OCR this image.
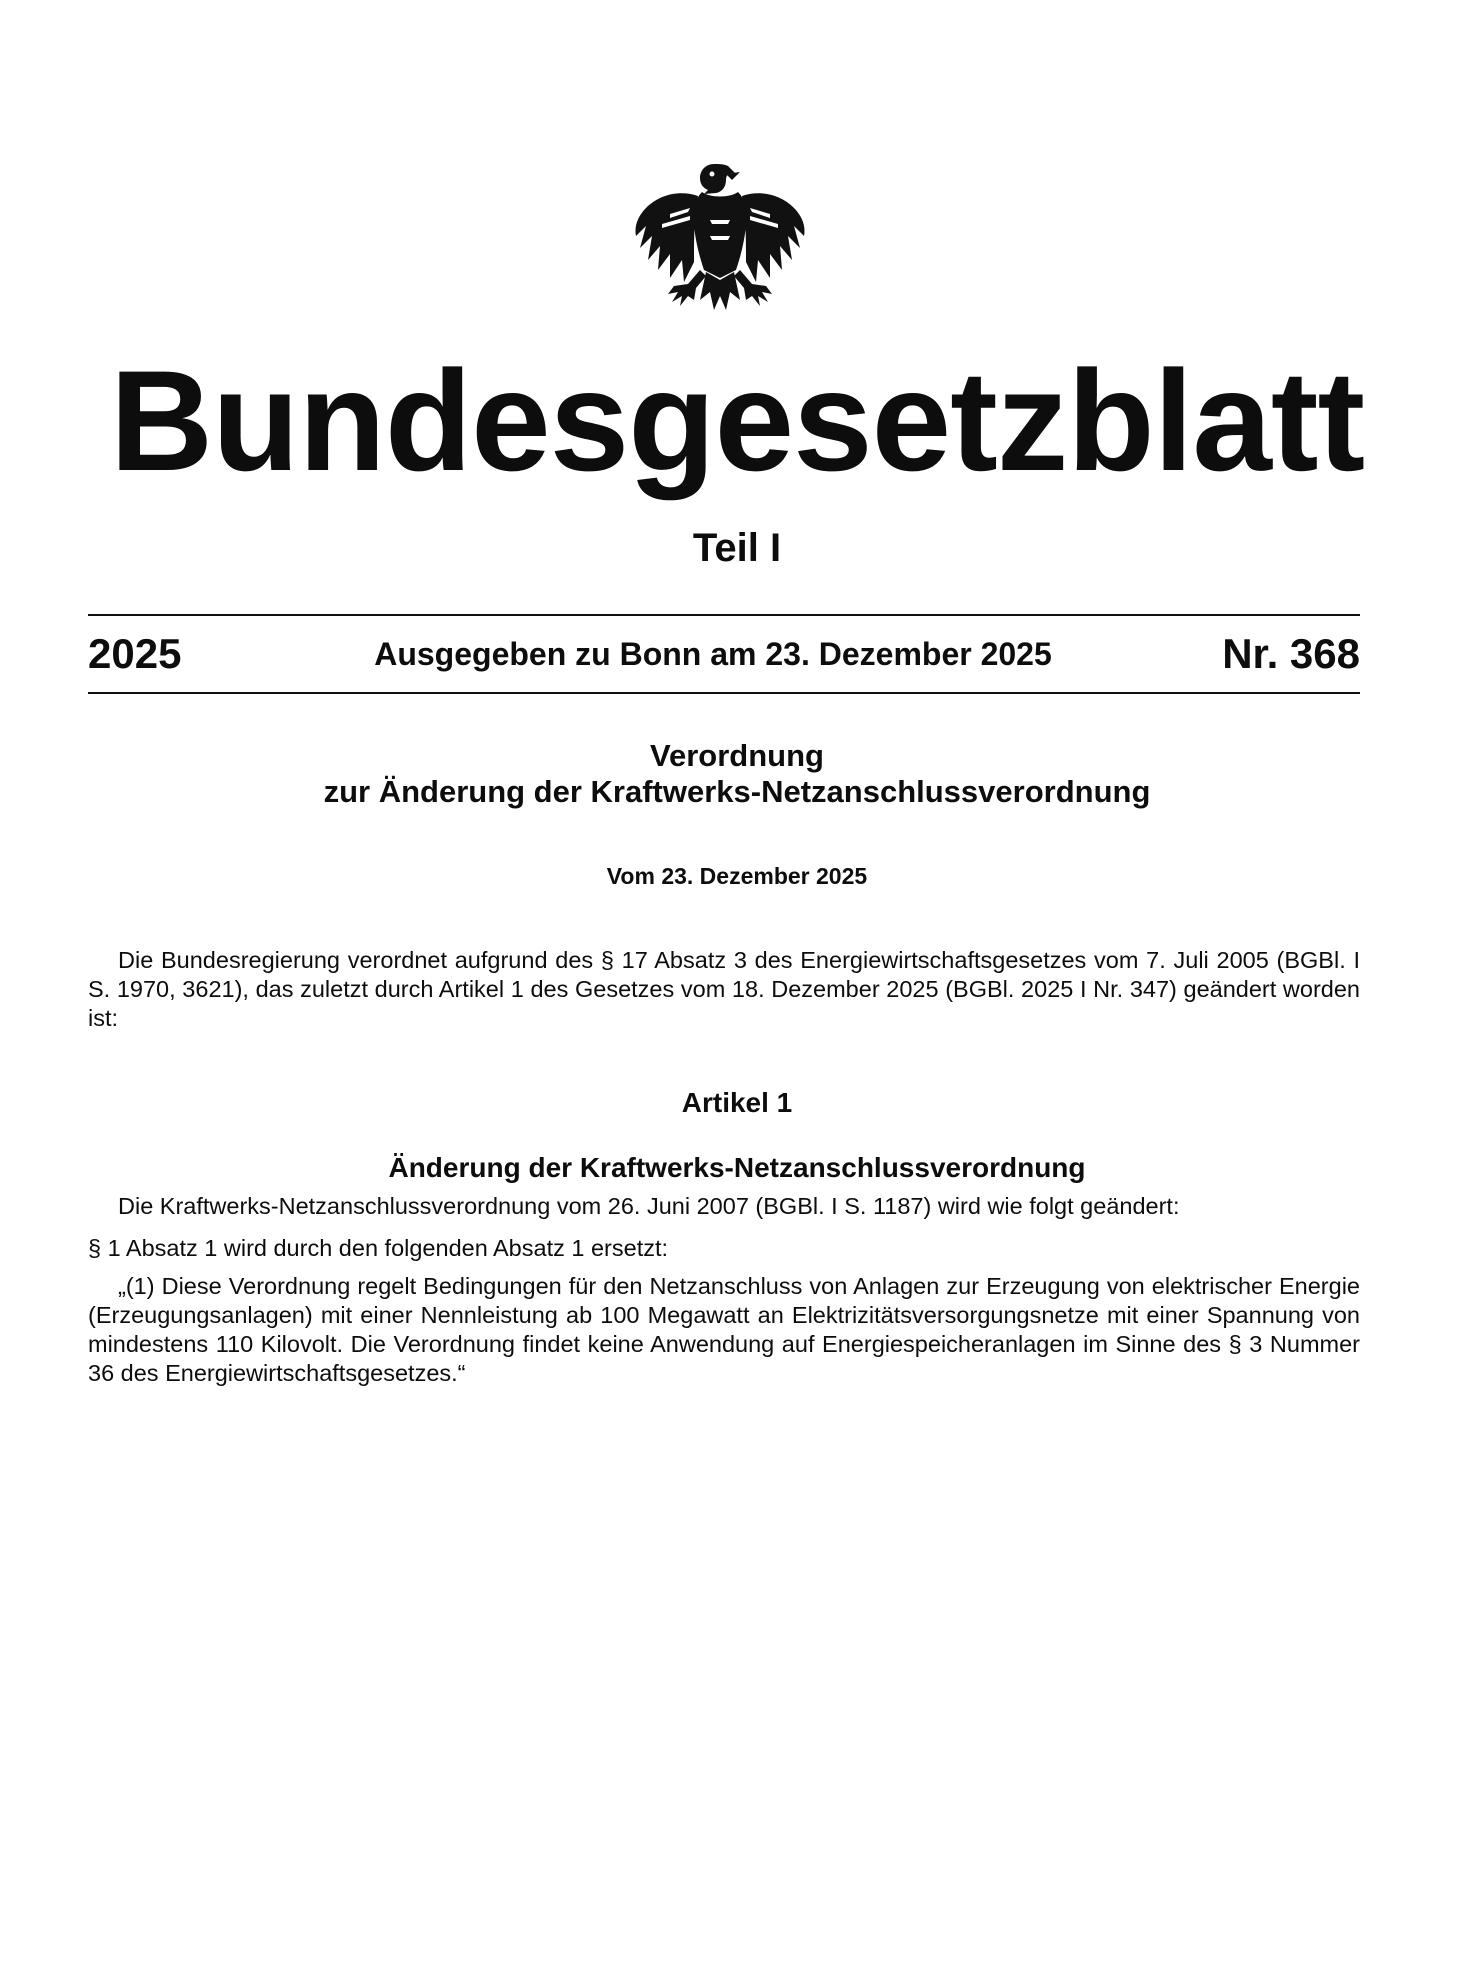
Bundesgesetzblatt
Teil I
2025	Ausgegeben zu Bonn am 23. Dezember 2025	Nr. 368
Verordnung
zur Änderung der Kraftwerks-Netzanschlussverordnung
Vom 23. Dezember 2025

Die Bundesregierung verordnet aufgrund des § 17 Absatz 3 des Energiewirtschaftsgesetzes vom 7. Juli 2005 (BGBl. I S. 1970, 3621), das zuletzt durch Artikel 1 des Gesetzes vom 18. Dezember 2025 (BGBl. 2025 I Nr. 347) geändert worden ist:

Artikel 1
Änderung der Kraftwerks-Netzanschlussverordnung

Die Kraftwerks-Netzanschlussverordnung vom 26. Juni 2007 (BGBl. I S. 1187) wird wie folgt geändert:

§ 1 Absatz 1 wird durch den folgenden Absatz 1 ersetzt:

„(1) Diese Verordnung regelt Bedingungen für den Netzanschluss von Anlagen zur Erzeugung von elektrischer Energie (Erzeugungsanlagen) mit einer Nennleistung ab 100 Megawatt an Elektrizitätsversorgungsnetze mit einer Spannung von mindestens 110 Kilovolt. Die Verordnung findet keine Anwendung auf Energiespeicheranlagen im Sinne des § 3 Nummer 36 des Energiewirtschaftsgesetzes.“
